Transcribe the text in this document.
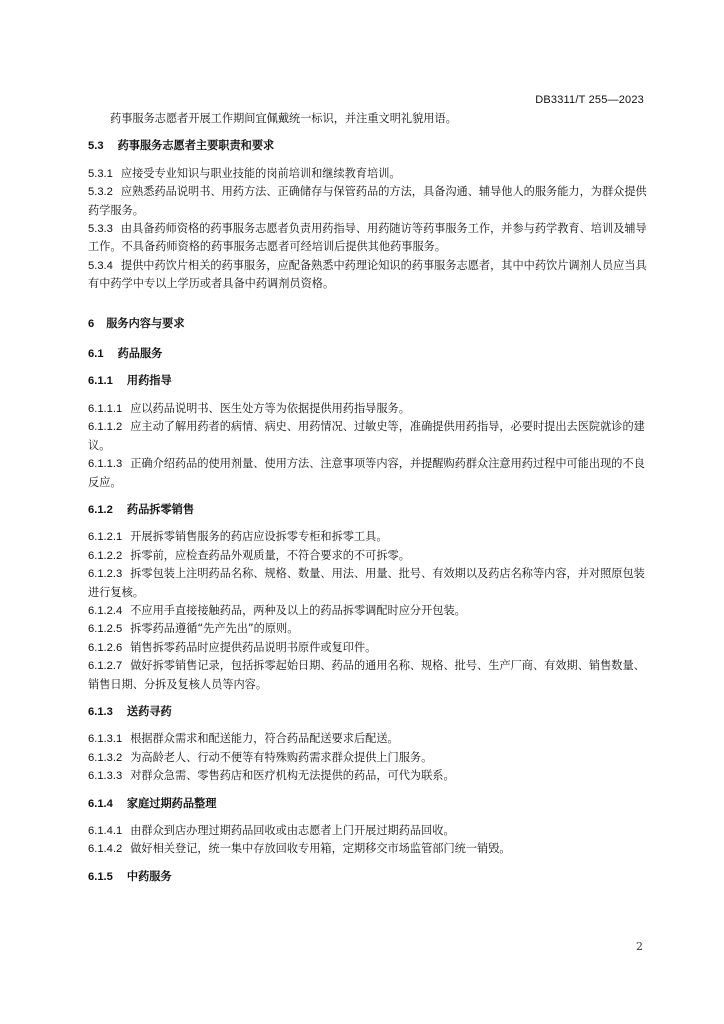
DB3311/T 255—2023

药事服务志愿者开展工作期间宜佩戴统一标识，并注重文明礼貌用语。

5.3 药事服务志愿者主要职责和要求

5.3.1 应接受专业知识与职业技能的岗前培训和继续教育培训。

5.3.2 应熟悉药品说明书、用药方法、正确储存与保管药品的方法，具备沟通、辅导他人的服务能力，为群众提供药学服务。

5.3.3 由具备药师资格的药事服务志愿者负责用药指导、用药随访等药事服务工作，并参与药学教育、培训及辅导工作。不具备药师资格的药事服务志愿者可经培训后提供其他药事服务。

5.3.4 提供中药饮片相关的药事服务，应配备熟悉中药理论知识的药事服务志愿者，其中中药饮片调剂人员应当具有中药学中专以上学历或者具备中药调剂员资格。

6 服务内容与要求

6.1 药品服务

6.1.1 用药指导

6.1.1.1 应以药品说明书、医生处方等为依据提供用药指导服务。

6.1.1.2 应主动了解用药者的病情、病史、用药情况、过敏史等，准确提供用药指导，必要时提出去医院就诊的建议。

6.1.1.3 正确介绍药品的使用剂量、使用方法、注意事项等内容，并提醒购药群众注意用药过程中可能出现的不良反应。

6.1.2 药品拆零销售

6.1.2.1 开展拆零销售服务的药店应设拆零专柜和拆零工具。

6.1.2.2 拆零前，应检查药品外观质量，不符合要求的不可拆零。

6.1.2.3 拆零包装上注明药品名称、规格、数量、用法、用量、批号、有效期以及药店名称等内容，并对照原包装进行复核。

6.1.2.4 不应用手直接接触药品，两种及以上的药品拆零调配时应分开包装。

6.1.2.5 拆零药品遵循“先产先出”的原则。

6.1.2.6 销售拆零药品时应提供药品说明书原件或复印件。

6.1.2.7 做好拆零销售记录，包括拆零起始日期、药品的通用名称、规格、批号、生产厂商、有效期、销售数量、销售日期、分拆及复核人员等内容。

6.1.3 送药寻药

6.1.3.1 根据群众需求和配送能力，符合药品配送要求后配送。

6.1.3.2 为高龄老人、行动不便等有特殊购药需求群众提供上门服务。

6.1.3.3 对群众急需、零售药店和医疗机构无法提供的药品，可代为联系。

6.1.4 家庭过期药品整理

6.1.4.1 由群众到店办理过期药品回收或由志愿者上门开展过期药品回收。

6.1.4.2 做好相关登记，统一集中存放回收专用箱，定期移交市场监管部门统一销毁。

6.1.5 中药服务

2
